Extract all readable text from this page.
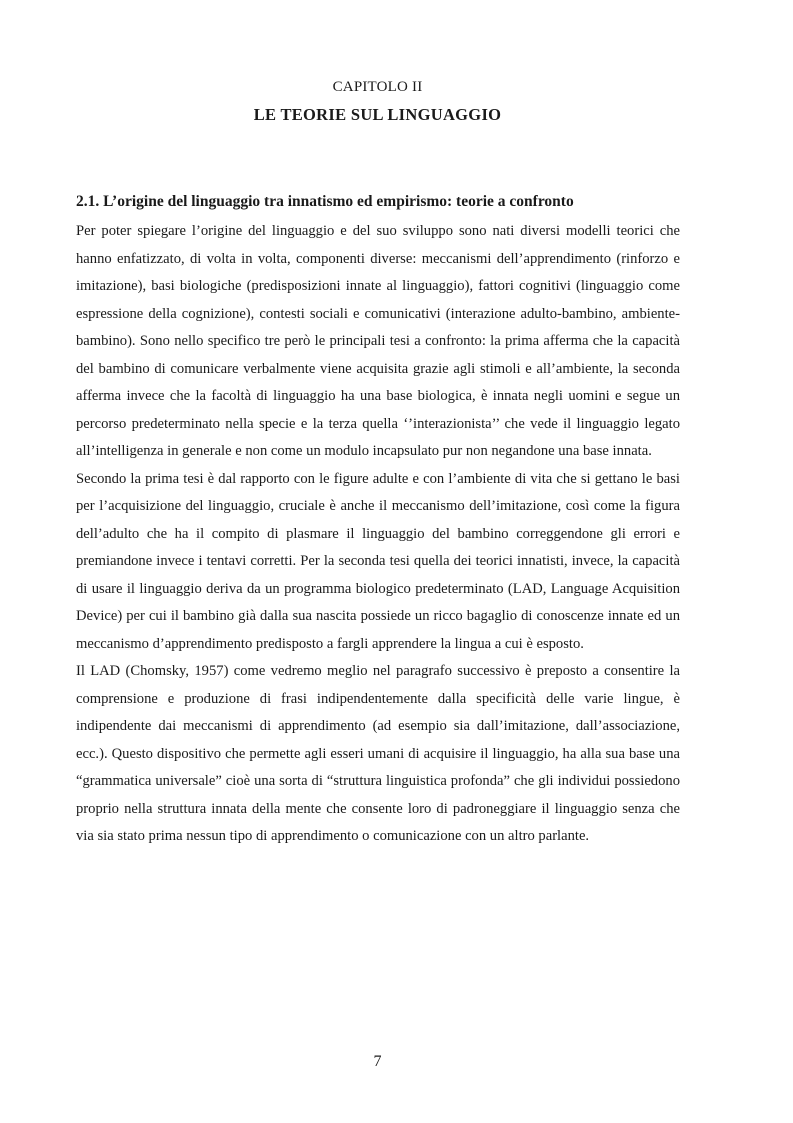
CAPITOLO II
LE TEORIE SUL LINGUAGGIO
2.1. L’origine del linguaggio tra innatismo ed empirismo: teorie a confronto

Per poter spiegare l’origine del linguaggio e del suo sviluppo sono nati diversi modelli teorici che hanno enfatizzato, di volta in volta, componenti diverse: meccanismi dell’apprendimento (rinforzo e imitazione), basi biologiche (predisposizioni innate al linguaggio), fattori cognitivi (linguaggio come espressione della cognizione), contesti sociali e comunicativi (interazione adulto-bambino, ambiente-bambino). Sono nello specifico tre però le principali tesi a confronto: la prima afferma che la capacità del bambino di comunicare verbalmente viene acquisita grazie agli stimoli e all’ambiente, la seconda afferma invece che la facoltà di linguaggio ha una base biologica, è innata negli uomini e segue un percorso predeterminato nella specie e la terza quella ‘’interazionista’’ che vede il linguaggio legato all’intelligenza in generale e non come un modulo incapsulato pur non negandone una base innata.

Secondo la prima tesi è dal rapporto con le figure adulte e con l’ambiente di vita che si gettano le basi per l’acquisizione del linguaggio, cruciale è anche il meccanismo dell’imitazione, così come la figura dell’adulto che ha il compito di plasmare il linguaggio del bambino correggendone gli errori e premiandone invece i tentavi corretti. Per la seconda tesi quella dei teorici innatisti, invece, la capacità di usare il linguaggio deriva da un programma biologico predeterminato (LAD, Language Acquisition Device) per cui il bambino già dalla sua nascita possiede un ricco bagaglio di conoscenze innate ed un meccanismo d’apprendimento predisposto a fargli apprendere la lingua a cui è esposto.

Il LAD (Chomsky, 1957) come vedremo meglio nel paragrafo successivo è preposto a consentire la comprensione e produzione di frasi indipendentemente dalla specificità delle varie lingue, è indipendente dai meccanismi di apprendimento (ad esempio sia dall’imitazione, dall’associazione, ecc.). Questo dispositivo che permette agli esseri umani di acquisire il linguaggio, ha alla sua base una “grammatica universale” cioè una sorta di “struttura linguistica profonda” che gli individui possiedono proprio nella struttura innata della mente che consente loro di padroneggiare il linguaggio senza che via sia stato prima nessun tipo di apprendimento o comunicazione con un altro parlante.

7
